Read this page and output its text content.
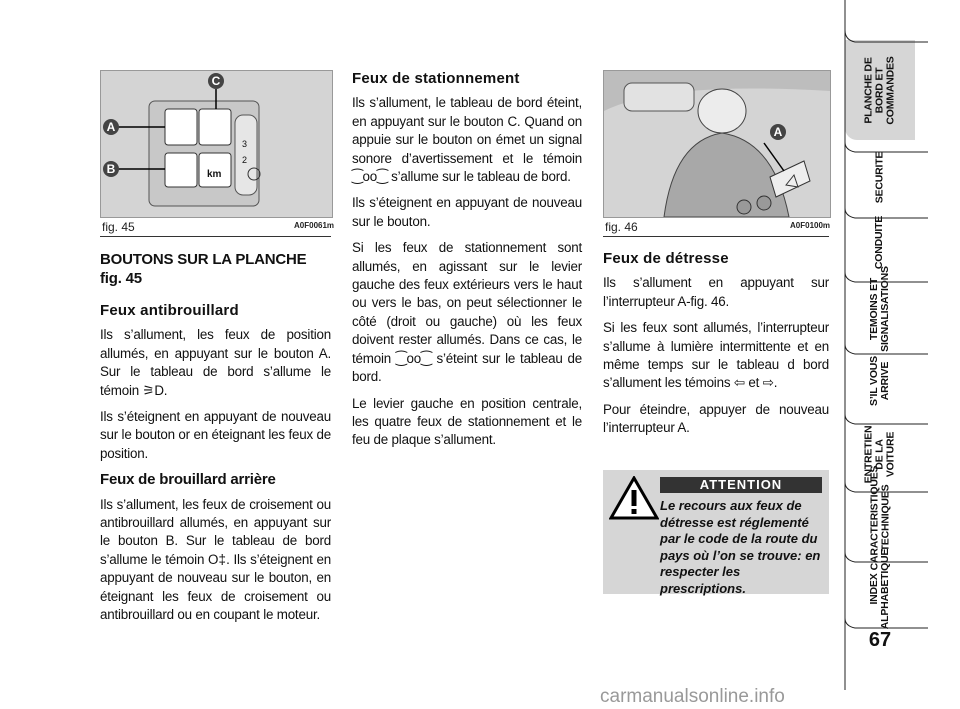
km
3
2
A
B
C
fig. 45	A0F0061m
BOUTONS SUR LA PLANCHE fig. 45
Feux antibrouillard

Ils s’allument, les feux de position allumés, en appuyant sur le bouton A. Sur le tableau de bord s’allume le témoin ⚞D.

Ils s’éteignent en appuyant de nouveau sur le bouton or en éteignant les feux de position.

Feux de brouillard arrière

Ils s’allument, les feux de croisement ou antibrouillard allumés, en appuyant sur le bouton B. Sur le tableau de bord s’allume le témoin O‡. Ils s’éteignent en appuyant de nouveau sur le bouton, en éteignant les feux de croisement ou antibrouillard ou en coupant le moteur.

Feux de stationnement

Ils s’allument, le tableau de bord éteint, en appuyant sur le bouton C. Quand on appuie sur le bouton on émet un signal sonore d’avertissement et le témoin ⁐oo⁐ s’allume sur le tableau de bord.

Ils s’éteignent en appuyant de nouveau sur le bouton.

Si les feux de stationnement sont allumés, en agissant sur le levier gauche des feux extérieurs vers le haut ou vers le bas, on peut sélectionner le côté (droit ou gauche) où les feux doivent rester allumés. Dans ce cas, le témoin ⁐oo⁐ s’éteint sur le tableau de bord.

Le levier gauche en position centrale, les quatre feux de stationnement et le feu de plaque s’allument.

A
fig. 46	A0F0100m
Feux de détresse

Ils s’allument en appuyant sur l’interrupteur A-fig. 46.

Si les feux sont allumés, l’interrupteur s’allume à lumière intermittente et en même temps sur le tableau d bord s’allument les témoins ⇦ et ⇨.

Pour éteindre, appuyer de nouveau l’interrupteur A.

ATTENTION
Le recours aux feux de détresse est réglementé par le code de la route du pays où l’on se trouve: en respecter les prescriptions.
PLANCHE DE
BORD ET
COMMANDES
SECURITE
CONDUITE
TEMOINS ET
SIGNALISATIONS
S’IL VOUS
ARRIVE
ENTRETIEN
DE LA VOITURE
CARACTERISTIQUES
TECHNIQUES
INDEX
ALPHABETIQUE
67
carmanualsonline.info
